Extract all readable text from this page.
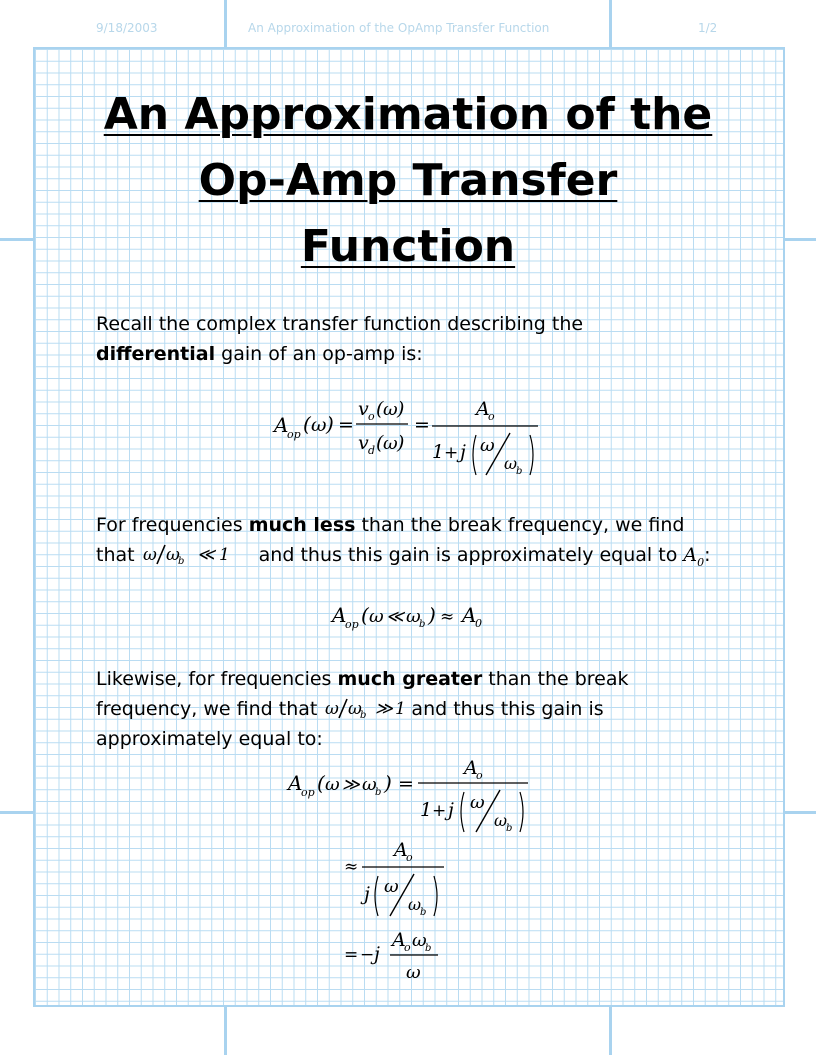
9/18/2003	An Approximation of the OpAmp Transfer Function	1/2
An Approximation of the
Op-Amp Transfer
Function
Recall the complex transfer function describing the
differential gain of an op-amp is:
A
op ( ω ) =
v o ( ω )
v d ( ω )
=
A
o
1 + j ω
ω
b
For frequencies much less than the break frequency, we find
that ω ω
b ≪ 1 and thus this gain is approximately equal to $A_0$:
A
op ( ω ≪ ω
b ) ≈ A
0
Likewise, for frequencies much greater than the break
frequency, we find that ω ω
b ≫ 1 and thus this gain is
approximately equal to:
A
op ( ω ≫ ω
b ) =
A
o
1 + j ω
ω
b
≈
A
o
j ω
ω
b
= − j
A
o ω
b
ω
